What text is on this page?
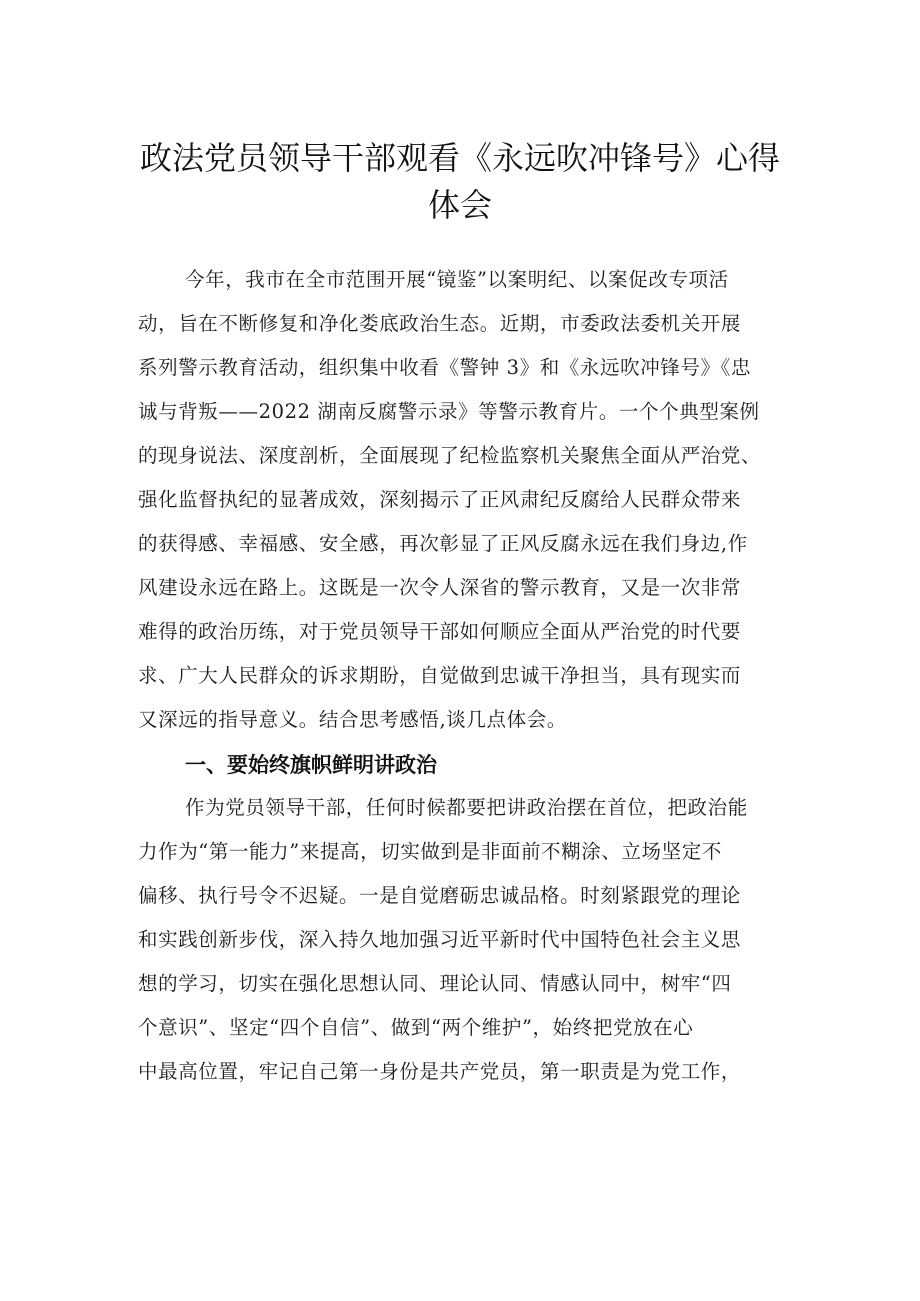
政法党员领导干部观看《永远吹冲锋号》心得
体会

今年，我市在全市范围开展“镜鉴”以案明纪、以案促改专项活

动，旨在不断修复和净化娄底政治生态。近期，市委政法委机关开展

系列警示教育活动，组织集中收看《警钟 3》和《永远吹冲锋号》《忠

诚与背叛——2022 湖南反腐警示录》等警示教育片。一个个典型案例

的现身说法、深度剖析，全面展现了纪检监察机关聚焦全面从严治党、

强化监督执纪的显著成效，深刻揭示了正风肃纪反腐给人民群众带来

的获得感、幸福感、安全感，再次彰显了正风反腐永远在我们身边,作

风建设永远在路上。这既是一次令人深省的警示教育，又是一次非常

难得的政治历练，对于党员领导干部如何顺应全面从严治党的时代要

求、广大人民群众的诉求期盼，自觉做到忠诚干净担当，具有现实而

又深远的指导意义。结合思考感悟,谈几点体会。

一、要始终旗帜鲜明讲政治

作为党员领导干部，任何时候都要把讲政治摆在首位，把政治能

力作为“第一能力”来提高，切实做到是非面前不糊涂、立场坚定不

偏移、执行号令不迟疑。一是自觉磨砺忠诚品格。时刻紧跟党的理论

和实践创新步伐，深入持久地加强习近平新时代中国特色社会主义思

想的学习，切实在强化思想认同、理论认同、情感认同中，树牢“四

个意识”、坚定“四个自信”、做到“两个维护”，始终把党放在心

中最高位置，牢记自己第一身份是共产党员，第一职责是为党工作，
